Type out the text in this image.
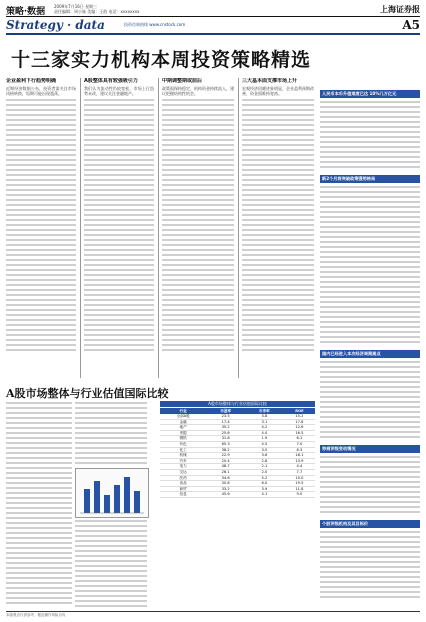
策略·数据
2009年7月16日 星期三
责任编辑：周小妹 美编：王韵 电话：xxxxxxxx	上海证券报
Strategy · data	投资咨询热线 www.cnstock.com	A5
十三家实力机构本周投资策略精选
企业盈利下行趋势明确

近期经济数据公布，投资者需关注市场风格转换，短期可能出现震荡。

A股整体具有较强吸引力

我们认为流动性仍较宽松，市场上行趋势未改，建议关注金融地产。

中期调整期或前后

政策面保持稳定，机构资金持续流入，建议把握结构性机会。

三大基本面支撑市场上升

宏观经济回暖迹象明显，企业盈利预期改善，资金面维持宽裕。	人民币本币升值难度已达 10%几万亿元
新2个月将突破政策强势格局
国内已经进入本次经济周期高点
券商评级变动情况
个股评级机构及其目标价
A股市场整体与行业估值国际比较
A股市场整体与行业估值国际比较
行业	市盈率	市净率	ROE
全部A股	23.5	3.8	15.2
金融	17.4	3.1	17.8
地产	35.2	4.2	12.6
采掘	25.6	4.0	16.5
钢铁	31.8	1.9	6.1
有色	65.3	4.5	7.0
化工	38.2	3.0	8.3
机械	22.9	3.6	16.1
汽车	20.4	2.8	13.9
电力	48.7	2.1	4.4
交运	26.1	2.0	7.7
医药	34.6	5.2	15.0
食品	30.8	6.0	19.5
商贸	33.2	3.9	11.8
信息	45.6	4.1	9.0
本版观点仅供参考，据此操作风险自负
